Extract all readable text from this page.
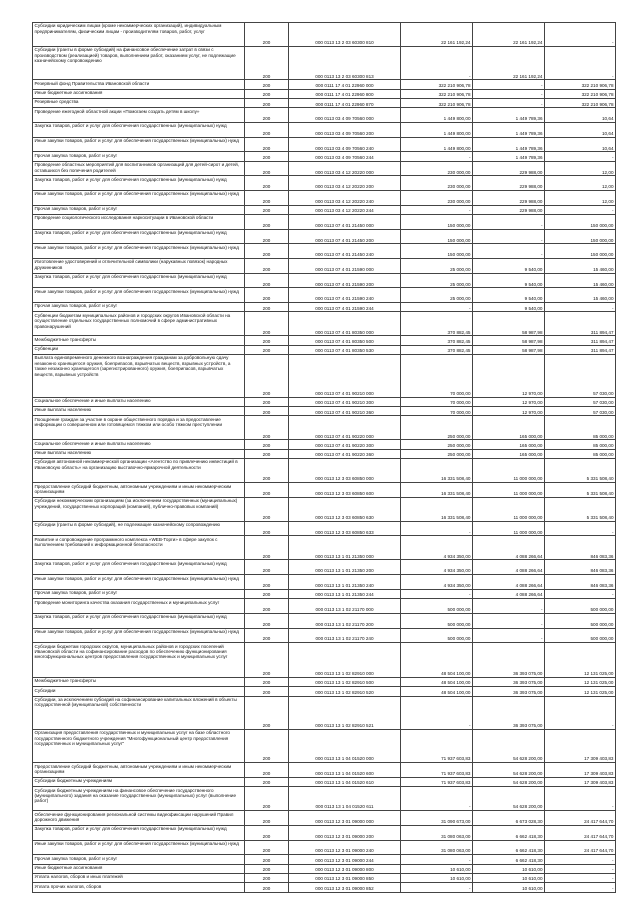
Субсидии юридическим лицам (кроме некоммерческих организаций), индивидуальным предпринимателям, физическим лицам - производителям товаров, работ, услуг	200	000 0113 13 2 03 60300 810	22 161 192,24	22 161 192,24	-
Субсидии (гранты в форме субсидий) на финансовое обеспечение затрат в связи с производством (реализацией) товаров, выполнением работ, оказанием услуг, не подлежащие казначейскому сопровождению	200	000 0113 13 2 03 60300 813	-	22 161 192,24	-
Резервный фонд Правительства Ивановской области	200	000 0111 17 4 01 22960 000	322 210 906,78	-	322 210 906,78
Иные бюджетные ассигнования	200	000 0111 17 4 01 22960 800	322 210 906,78	-	322 210 906,78
Резервные средства	200	000 0111 17 4 01 22960 870	322 210 906,78	-	322 210 906,78
Проведение ежегодной областной акции «Помогаем создать детям в школу»	200	000 0113 03 4 09 70560 000	1 449 800,00	1 449 789,36	10,64
Закупка товаров, работ и услуг для обеспечения государственных (муниципальных) нужд	200	000 0113 03 4 09 70560 200	1 449 800,00	1 449 789,36	10,64
Иные закупки товаров, работ и услуг для обеспечения государственных (муниципальных) нужд	200	000 0113 03 4 09 70560 240	1 449 800,00	1 449 789,36	10,64
Прочая закупка товаров, работ и услуг	200	000 0113 03 4 09 70560 244	-	1 449 789,36	-
Проведение областных мероприятий для воспитанников организаций для детей-сирот и детей, оставшихся без попечения родителей	200	000 0113 03 4 12 20220 000	230 000,00	229 988,00	12,00
Закупка товаров, работ и услуг для обеспечения государственных (муниципальных) нужд	200	000 0113 03 4 12 20220 200	230 000,00	229 988,00	12,00
Иные закупки товаров, работ и услуг для обеспечения государственных (муниципальных) нужд	200	000 0113 03 4 12 20220 240	230 000,00	229 988,00	12,00
Прочая закупка товаров, работ и услуг	200	000 0113 03 4 12 20220 244	-	229 988,00	-
Проведение социологического исследования наркоситуации в Ивановской области	200	000 0113 07 4 01 21450 000	150 000,00	-	150 000,00
Закупка товаров, работ и услуг для обеспечения государственных (муниципальных) нужд	200	000 0113 07 4 01 21450 200	150 000,00	-	150 000,00
Иные закупки товаров, работ и услуг для обеспечения государственных (муниципальных) нужд	200	000 0113 07 4 01 21450 240	150 000,00	-	150 000,00
Изготовление удостоверений и отличительной символики (нарукавных повязок) народных дружинников	200	000 0113 07 4 01 21590 000	25 000,00	9 540,00	15 460,00
Закупка товаров, работ и услуг для обеспечения государственных (муниципальных) нужд	200	000 0113 07 4 01 21590 200	25 000,00	9 540,00	15 460,00
Иные закупки товаров, работ и услуг для обеспечения государственных (муниципальных) нужд	200	000 0113 07 4 01 21590 240	25 000,00	9 540,00	15 460,00
Прочая закупка товаров, работ и услуг	200	000 0113 07 4 01 21590 244	-	9 540,00	-
Субвенции бюджетам муниципальных районов и городских округов Ивановской области на осуществление отдельных государственных полномочий в сфере административных правонарушений	200	000 0113 07 4 01 80350 000	370 882,45	58 987,98	311 894,47
Межбюджетные трансферты	200	000 0113 07 4 01 80350 500	370 882,45	58 987,98	311 894,47
Субвенции	200	000 0113 07 4 01 80350 530	370 882,45	58 987,98	311 894,47
Выплата единовременного денежного вознаграждения гражданам за добровольную сдачу незаконно хранящегося оружия, боеприпасов, взрывчатых веществ, взрывных устройств, а также незаконно хранящегося (зарегистрированного) оружия, боеприпасов, взрывчатых веществ, взрывных устройств	200	000 0113 07 4 01 90210 000	70 000,00	12 970,00	57 030,00
Социальное обеспечение и иные выплаты населению	200	000 0113 07 4 01 90210 300	70 000,00	12 970,00	57 030,00
Иные выплаты населению	200	000 0113 07 4 01 90210 360	70 000,00	12 970,00	57 030,00
Поощрение граждан за участие в охране общественного порядка и за предоставление информации о совершенном или готовящемся тяжком или особо тяжком преступлении	200	000 0113 07 4 01 90220 000	250 000,00	165 000,00	85 000,00
Социальное обеспечение и иные выплаты населению	200	000 0113 07 4 01 90220 300	250 000,00	165 000,00	85 000,00
Иные выплаты населению	200	000 0113 07 4 01 90220 360	250 000,00	165 000,00	85 000,00
Субсидия автономной некоммерческой организации «Агентство по привлечению инвестиций в Ивановскую область» на организацию выставочно-ярмарочной деятельности	200	000 0113 12 3 03 60850 000	16 331 508,40	11 000 000,00	5 331 508,40
Предоставление субсидий бюджетным, автономным учреждениям и иным некоммерческим организациям	200	000 0113 12 3 03 60850 600	16 331 508,40	11 000 000,00	5 331 508,40
Субсидии некоммерческим организациям (за исключением государственных (муниципальных) учреждений, государственных корпораций (компаний), публично-правовых компаний)	200	000 0113 12 3 03 60850 630	16 331 508,40	11 000 000,00	5 331 508,40
Субсидии (гранты в форме субсидий), не подлежащие казначейскому сопровождению	200	000 0113 12 3 03 60850 633	-	11 000 000,00	-
Развитие и сопровождение программного комплекса «WEB-Торги» в сфере закупок с выполнением требований к информационной безопасности	200	000 0113 13 1 01 21350 000	4 934 350,00	4 088 266,64	846 083,36
Закупка товаров, работ и услуг для обеспечения государственных (муниципальных) нужд	200	000 0113 13 1 01 21350 200	4 934 350,00	4 088 266,64	846 083,36
Иные закупки товаров, работ и услуг для обеспечения государственных (муниципальных) нужд	200	000 0113 13 1 01 21350 240	4 934 350,00	4 088 266,64	846 083,36
Прочая закупка товаров, работ и услуг	200	000 0113 13 1 01 21350 244	-	4 088 266,64	-
Проведение мониторинга качества оказания государственных и муниципальных услуг	200	000 0113 13 1 02 21170 000	500 000,00	-	500 000,00
Закупка товаров, работ и услуг для обеспечения государственных (муниципальных) нужд	200	000 0113 13 1 02 21170 200	500 000,00	-	500 000,00
Иные закупки товаров, работ и услуг для обеспечения государственных (муниципальных) нужд	200	000 0113 13 1 02 21170 240	500 000,00	-	500 000,00
Субсидии бюджетам городских округов, муниципальных районов и городских поселений Ивановской области на софинансирование расходов по обеспечению функционирования многофункциональных центров предоставления государственных и муниципальных услуг	200	000 0113 13 1 02 82910 000	48 504 100,00	36 393 075,00	12 131 025,00
Межбюджетные трансферты	200	000 0113 13 1 02 82910 500	48 504 100,00	36 393 075,00	12 131 025,00
Субсидии	200	000 0113 13 1 02 82910 520	48 504 100,00	36 393 075,00	12 131 025,00
Субсидии, за исключением субсидий на софинансирование капитальных вложений в объекты государственной (муниципальной) собственности	200	000 0113 13 1 02 82910 521	-	36 393 075,00	-
Организация предоставления государственных и муниципальных услуг на базе областного государственного бюджетного учреждения "Многофункциональный центр предоставления государственных и муниципальных услуг"	200	000 0113 13 1 04 01520 000	71 937 603,83	54 628 200,00	17 309 403,83
Предоставление субсидий бюджетным, автономным учреждениям и иным некоммерческим организациям	200	000 0113 13 1 04 01520 600	71 937 603,83	54 628 200,00	17 309 403,83
Субсидии бюджетным учреждениям	200	000 0113 13 1 04 01520 610	71 937 603,83	54 628 200,00	17 309 403,83
Субсидии бюджетным учреждениям на финансовое обеспечение государственного (муниципального) задания на оказание государственных (муниципальных) услуг (выполнение работ)	200	000 0113 13 1 04 01520 611	-	54 628 200,00	-
Обеспечение функционирования региональной системы видеофиксации нарушений Правил дорожного движения	200	000 0113 12 3 01 09000 000	31 090 673,00	6 673 028,30	24 417 644,70
Закупка товаров, работ и услуг для обеспечения государственных (муниципальных) нужд	200	000 0113 12 3 01 09000 200	31 080 063,00	6 662 418,30	24 417 644,70
Иные закупки товаров, работ и услуг для обеспечения государственных (муниципальных) нужд	200	000 0113 12 3 01 09000 240	31 080 063,00	6 662 418,30	24 417 644,70
Прочая закупка товаров, работ и услуг	200	000 0113 12 3 01 09000 244	-	6 662 418,30	-
Иные бюджетные ассигнования	200	000 0113 12 3 01 09000 800	10 610,00	10 610,00	-
Уплата налогов, сборов и иных платежей	200	000 0113 12 3 01 09000 850	10 610,00	10 610,00	-
Уплата прочих налогов, сборов	200	000 0113 12 3 01 09000 852	-	10 610,00	-
